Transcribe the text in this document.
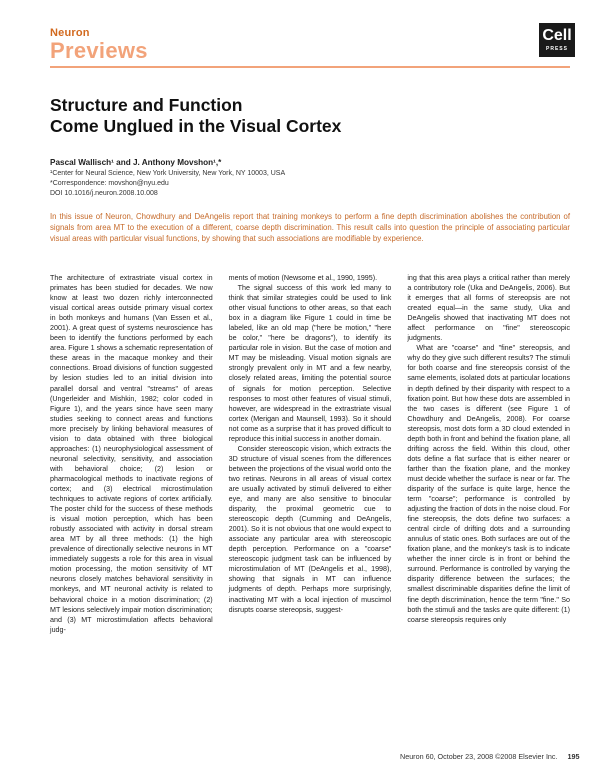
Neuron
Previews
Cell
PRESS
Structure and Function
Come Unglued in the Visual Cortex
Pascal Wallisch¹ and J. Anthony Movshon¹,*
¹Center for Neural Science, New York University, New York, NY 10003, USA
*Correspondence: movshon@nyu.edu
DOI 10.1016/j.neuron.2008.10.008
In this issue of Neuron, Chowdhury and DeAngelis report that training monkeys to perform a fine depth discrimination abolishes the contribution of signals from area MT to the execution of a different, coarse depth discrimination. This result calls into question the principle of associating particular visual areas with particular visual functions, by showing that such associations are modifiable by experience.

The architecture of extrastriate visual cortex in primates has been studied for decades. We now know at least two dozen richly interconnected visual cortical areas outside primary visual cortex in both monkeys and humans (Van Essen et al., 2001). A great quest of systems neuroscience has been to identify the functions performed by each area. Figure 1 shows a schematic representation of these areas in the macaque monkey and their connections. Broad divisions of function suggested by lesion studies led to an initial division into parallel dorsal and ventral "streams" of areas (Ungerleider and Mishkin, 1982; color coded in Figure 1), and the years since have seen many studies seeking to connect areas and functions more precisely by linking behavioral measures of vision to data obtained with three biological approaches: (1) neurophysiological assessment of neuronal selectivity, sensitivity, and association with behavioral choice; (2) lesion or pharmacological methods to inactivate regions of cortex; and (3) electrical microstimulation techniques to activate regions of cortex artificially. The poster child for the success of these methods is visual motion perception, which has been robustly associated with activity in dorsal stream area MT by all three methods: (1) the high prevalence of directionally selective neurons in MT immediately suggests a role for this area in visual motion processing, the motion sensitivity of MT neurons closely matches behavioral sensitivity in monkeys, and MT neuronal activity is related to behavioral choice in a motion discrimination; (2) MT lesions selectively impair motion discrimination; and (3) MT microstimulation affects behavioral judg-

ments of motion (Newsome et al., 1990, 1995).

The signal success of this work led many to think that similar strategies could be used to link other visual functions to other areas, so that each box in a diagram like Figure 1 could in time be labeled, like an old map ("here be motion," "here be color," "here be dragons"), to identify its particular role in vision. But the case of motion and MT may be misleading. Visual motion signals are strongly prevalent only in MT and a few nearby, closely related areas, limiting the potential source of signals for motion perception. Selective responses to most other features of visual stimuli, however, are widespread in the extrastriate visual cortex (Merigan and Maunsell, 1993). So it should not come as a surprise that it has proved difficult to reproduce this initial success in another domain.

Consider stereoscopic vision, which extracts the 3D structure of visual scenes from the differences between the projections of the visual world onto the two retinas. Neurons in all areas of visual cortex are usually activated by stimuli delivered to either eye, and many are also sensitive to binocular disparity, the proximal geometric cue to stereoscopic depth (Cumming and DeAngelis, 2001). So it is not obvious that one would expect to associate any particular area with stereoscopic depth perception. Performance on a "coarse" stereoscopic judgment task can be influenced by microstimulation of MT (DeAngelis et al., 1998), showing that signals in MT can influence judgments of depth. Perhaps more surprisingly, inactivating MT with a local injection of muscimol disrupts coarse stereopsis, suggest-

ing that this area plays a critical rather than merely a contributory role (Uka and DeAngelis, 2006). But it emerges that all forms of stereopsis are not created equal—in the same study, Uka and DeAngelis showed that inactivating MT does not affect performance on "fine" stereoscopic judgments.

What are "coarse" and "fine" stereopsis, and why do they give such different results? The stimuli for both coarse and fine stereopsis consist of the same elements, isolated dots at particular locations in depth defined by their disparity with respect to a fixation point. But how these dots are assembled in the two cases is different (see Figure 1 of Chowdhury and DeAngelis, 2008). For coarse stereopsis, most dots form a 3D cloud extended in depth both in front and behind the fixation plane, all drifting across the field. Within this cloud, other dots define a flat surface that is either nearer or farther than the fixation plane, and the monkey must decide whether the surface is near or far. The disparity of the surface is quite large, hence the term "coarse"; performance is controlled by adjusting the fraction of dots in the noise cloud. For fine stereopsis, the dots define two surfaces: a central circle of drifting dots and a surrounding annulus of static ones. Both surfaces are out of the fixation plane, and the monkey's task is to indicate whether the inner circle is in front or behind the surround. Performance is controlled by varying the disparity difference between the surfaces; the smallest discriminable disparities define the limit of fine depth discrimination, hence the term "fine." So both the stimuli and the tasks are quite different: (1) coarse stereopsis requires only

Neuron 60, October 23, 2008 ©2008 Elsevier Inc. 195
